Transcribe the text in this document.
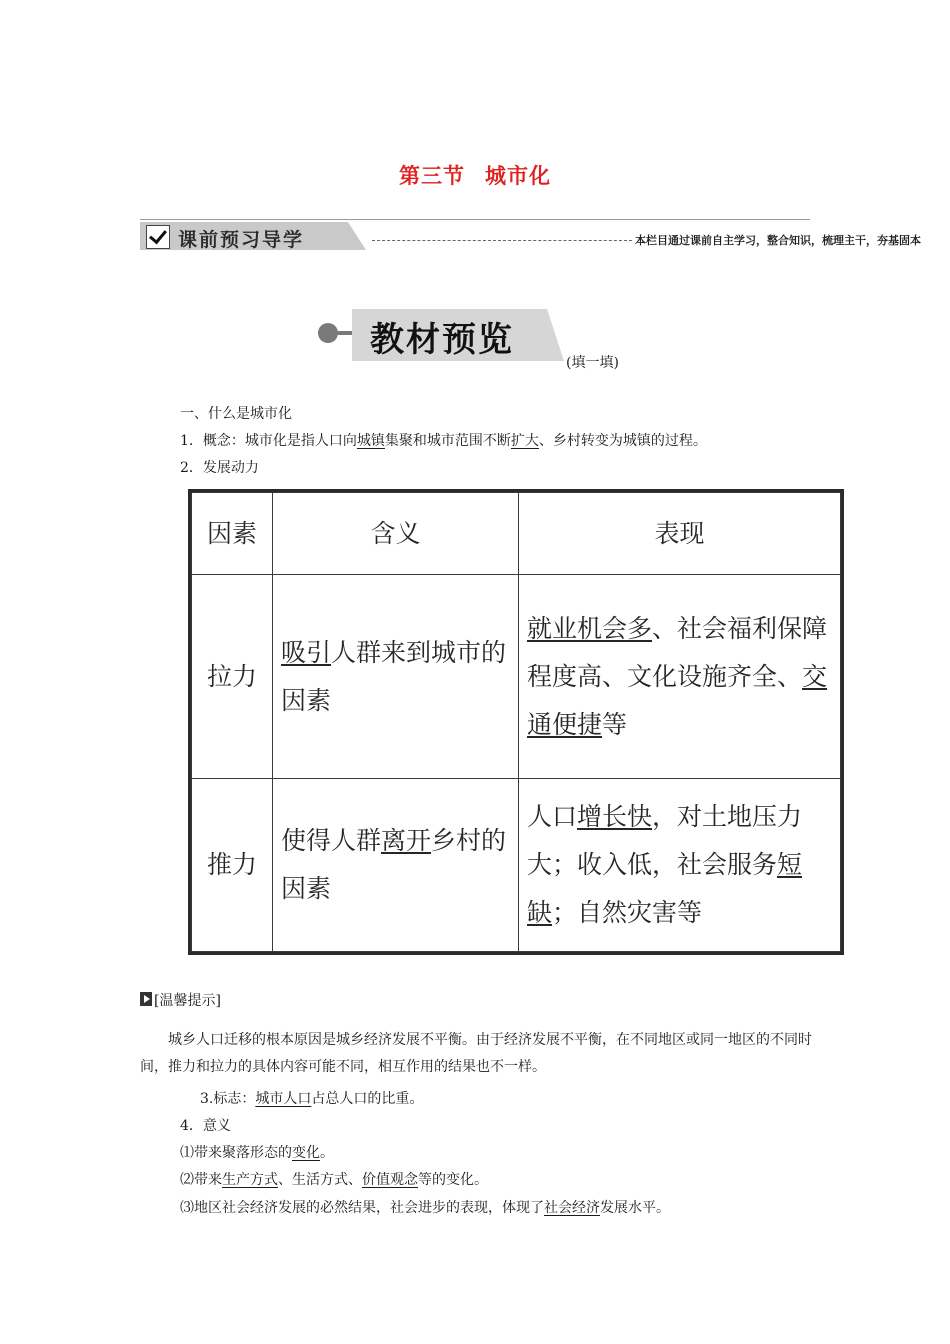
第三节 城市化
课前预习导学	本栏目通过课前自主学习，整合知识，梳理主干，夯基固本
教材预览
(填一填)
一、什么是城市化
1．概念：城市化是指人口向城镇集聚和城市范围不断扩大、乡村转变为城镇的过程。
2．发展动力
因素	含义	表现
拉力	吸引人群来到城市的因素	就业机会多、社会福利保障程度高、文化设施齐全、交通便捷等
推力	使得人群离开乡村的因素	人口增长快，对土地压力大；收入低，社会服务短缺；自然灾害等
[温馨提示]
城乡人口迁移的根本原因是城乡经济发展不平衡。由于经济发展不平衡，在不同地区或同一地区的不同时间，推力和拉力的具体内容可能不同，相互作用的结果也不一样。
3.标志：城市人口占总人口的比重。
4．意义
⑴带来聚落形态的变化。
⑵带来生产方式、生活方式、价值观念等的变化。
⑶地区社会经济发展的必然结果，社会进步的表现，体现了社会经济发展水平。
